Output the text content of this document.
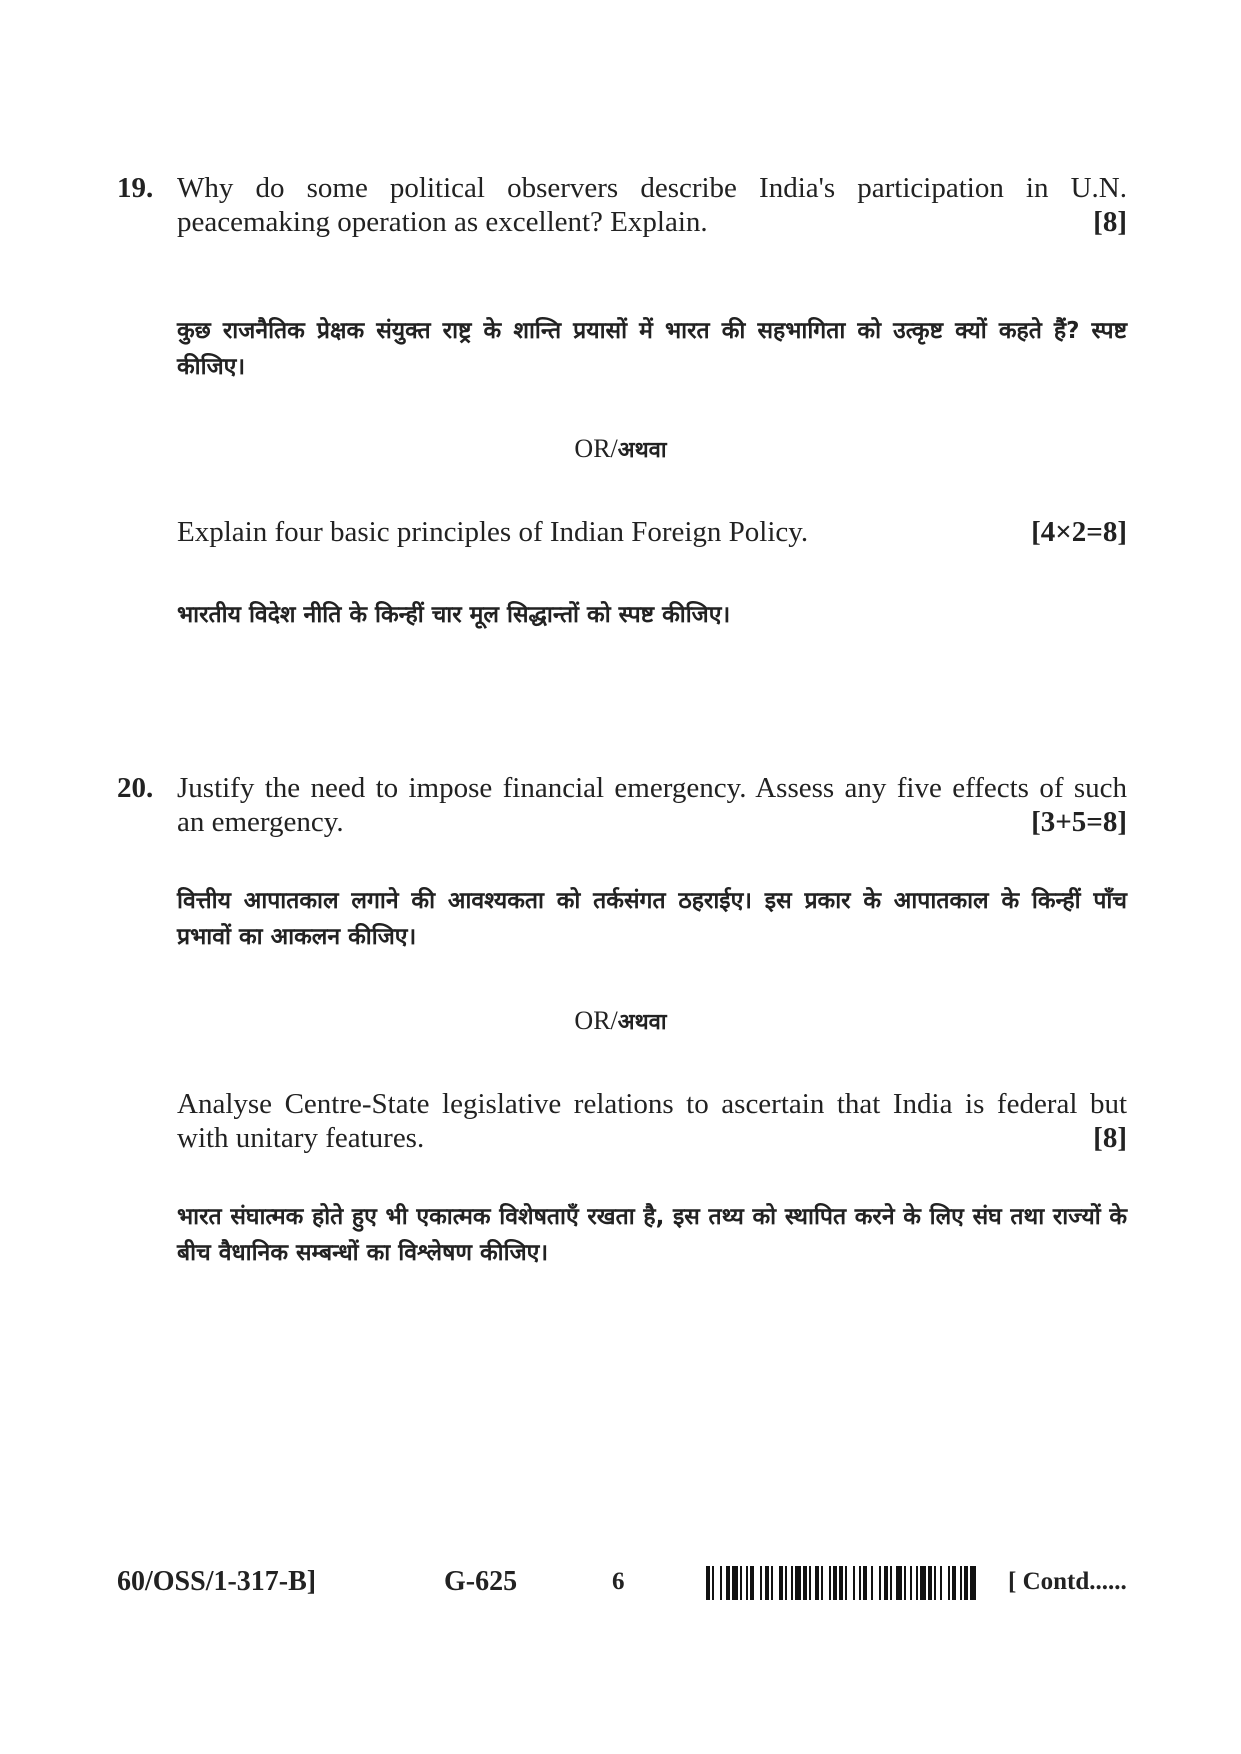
19. Why do some political observers describe India's participation in U.N.
peacemaking operation as excellent? Explain.	[8]
कुछ राजनैतिक प्रेक्षक संयुक्त राष्ट्र के शान्ति प्रयासों में भारत की सहभागिता को उत्कृष्ट क्यों कहते हैं? स्पष्ट
कीजिए।
OR/अथवा
Explain four basic principles of Indian Foreign Policy.	[4×2=8]
भारतीय विदेश नीति के किन्हीं चार मूल सिद्धान्तों को स्पष्ट कीजिए।
20. Justify the need to impose financial emergency. Assess any five effects of such
an emergency.	[3+5=8]
वित्तीय आपातकाल लगाने की आवश्यकता को तर्कसंगत ठहराईए। इस प्रकार के आपातकाल के किन्हीं पाँच
प्रभावों का आकलन कीजिए।
OR/अथवा
Analyse Centre-State legislative relations to ascertain that India is federal but
with unitary features.	[8]
भारत संघात्मक होते हुए भी एकात्मक विशेषताएँ रखता है, इस तथ्य को स्थापित करने के लिए संघ तथा राज्यों के
बीच वैधानिक सम्बन्धों का विश्लेषण कीजिए।
60/OSS/1-317-B]	G-625	6	[ Contd......
